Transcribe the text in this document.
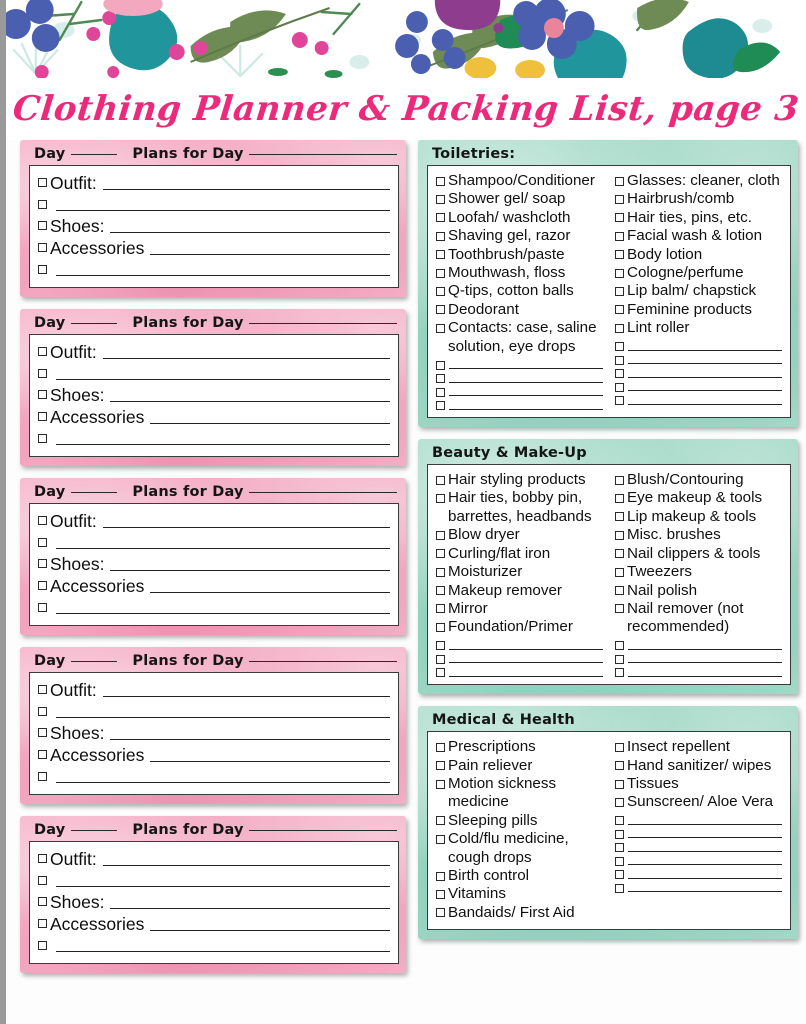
Clothing Planner & Packing List, page 3
Day	Plans for Day
Outfit:
Shoes:
Accessories
Day	Plans for Day
Outfit:
Shoes:
Accessories
Day	Plans for Day
Outfit:
Shoes:
Accessories
Day	Plans for Day
Outfit:
Shoes:
Accessories
Day	Plans for Day
Outfit:
Shoes:
Accessories
Toiletries:
Shampoo/Conditioner
Shower gel/ soap
Loofah/ washcloth
Shaving gel, razor
Toothbrush/paste
Mouthwash, floss
Q-tips, cotton balls
Deodorant
Contacts: case, saline solution, eye drops
Glasses: cleaner, cloth
Hairbrush/comb
Hair ties, pins, etc.
Facial wash & lotion
Body lotion
Cologne/perfume
Lip balm/ chapstick
Feminine products
Lint roller
Beauty & Make-Up
Hair styling products
Hair ties, bobby pin, barrettes, headbands
Blow dryer
Curling/flat iron
Moisturizer
Makeup remover
Mirror
Foundation/Primer
Blush/Contouring
Eye makeup & tools
Lip makeup & tools
Misc. brushes
Nail clippers & tools
Tweezers
Nail polish
Nail remover (not recommended)
Medical & Health
Prescriptions
Pain reliever
Motion sickness medicine
Sleeping pills
Cold/flu medicine, cough drops
Birth control
Vitamins
Bandaids/ First Aid
Insect repellent
Hand sanitizer/ wipes
Tissues
Sunscreen/ Aloe Vera
